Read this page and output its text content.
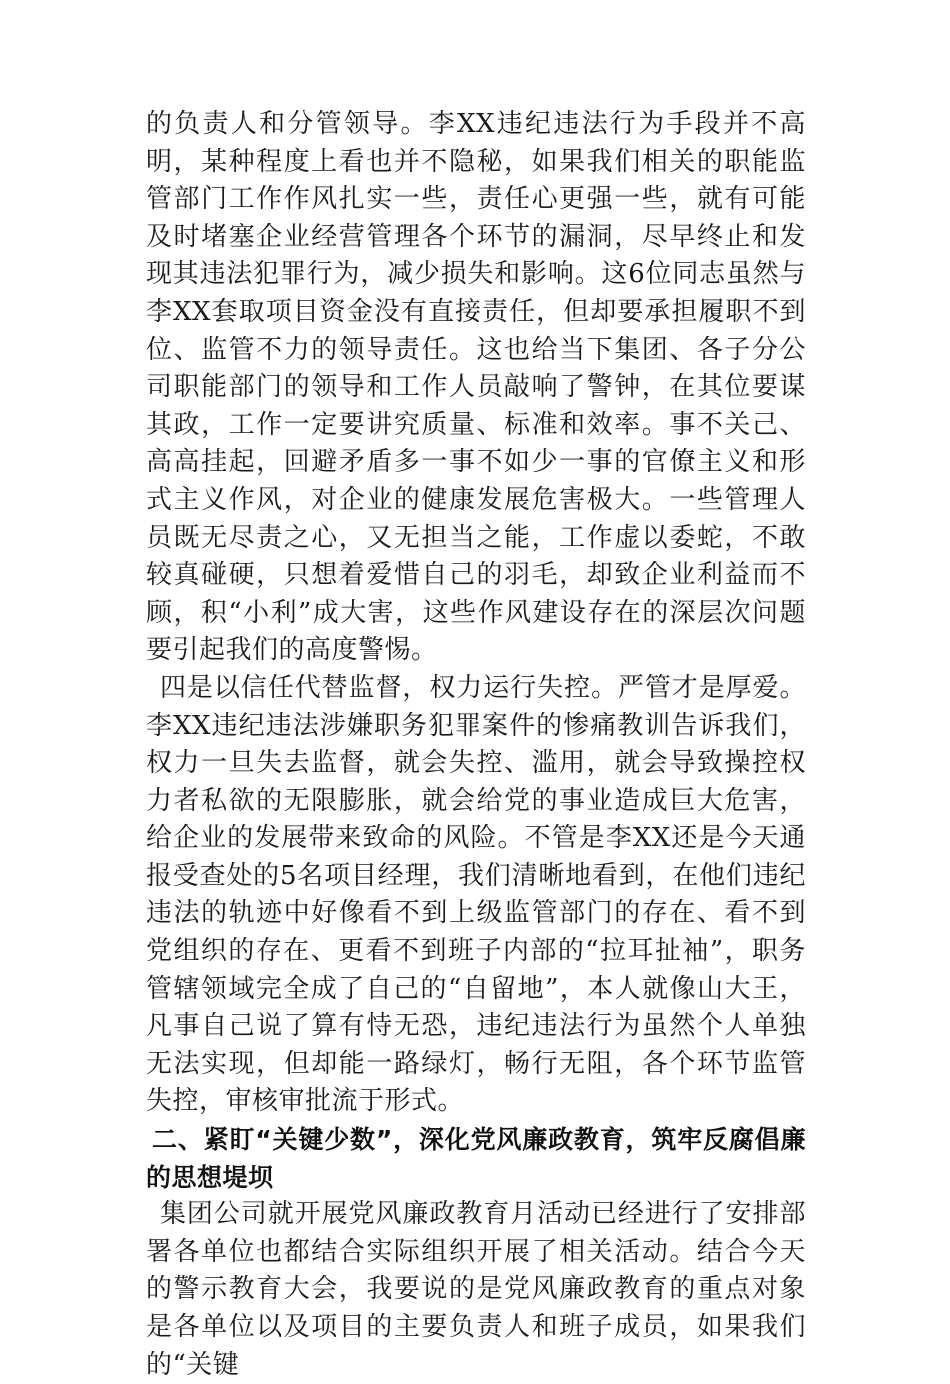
的负责人和分管领导。李XX违纪违法行为手段并不高明，某种程度上看也并不隐秘，如果我们相关的职能监管部门工作作风扎实一些，责任心更强一些，就有可能及时堵塞企业经营管理各个环节的漏洞，尽早终止和发现其违法犯罪行为，减少损失和影响。这6位同志虽然与李XX套取项目资金没有直接责任，但却要承担履职不到位、监管不力的领导责任。这也给当下集团、各子分公司职能部门的领导和工作人员敲响了警钟，在其位要谋其政，工作一定要讲究质量、标准和效率。事不关己、高高挂起，回避矛盾多一事不如少一事的官僚主义和形式主义作风，对企业的健康发展危害极大。一些管理人员既无尽责之心，又无担当之能，工作虚以委蛇，不敢较真碰硬，只想着爱惜自己的羽毛，却致企业利益而不顾，积“小利”成大害，这些作风建设存在的深层次问题要引起我们的高度警惕。

四是以信任代替监督，权力运行失控。严管才是厚爱。李XX违纪违法涉嫌职务犯罪案件的惨痛教训告诉我们，权力一旦失去监督，就会失控、滥用，就会导致操控权力者私欲的无限膨胀，就会给党的事业造成巨大危害，给企业的发展带来致命的风险。不管是李XX还是今天通报受查处的5名项目经理，我们清晰地看到，在他们违纪违法的轨迹中好像看不到上级监管部门的存在、看不到党组织的存在、更看不到班子内部的“拉耳扯袖”，职务管辖领域完全成了自己的“自留地”，本人就像山大王，凡事自己说了算有恃无恐，违纪违法行为虽然个人单独无法实现，但却能一路绿灯，畅行无阻，各个环节监管失控，审核审批流于形式。

二、紧盯“关键少数”，深化党风廉政教育，筑牢反腐倡廉的思想堤坝

集团公司就开展党风廉政教育月活动已经进行了安排部署各单位也都结合实际组织开展了相关活动。结合今天的警示教育大会，我要说的是党风廉政教育的重点对象是各单位以及项目的主要负责人和班子成员，如果我们的“关键
